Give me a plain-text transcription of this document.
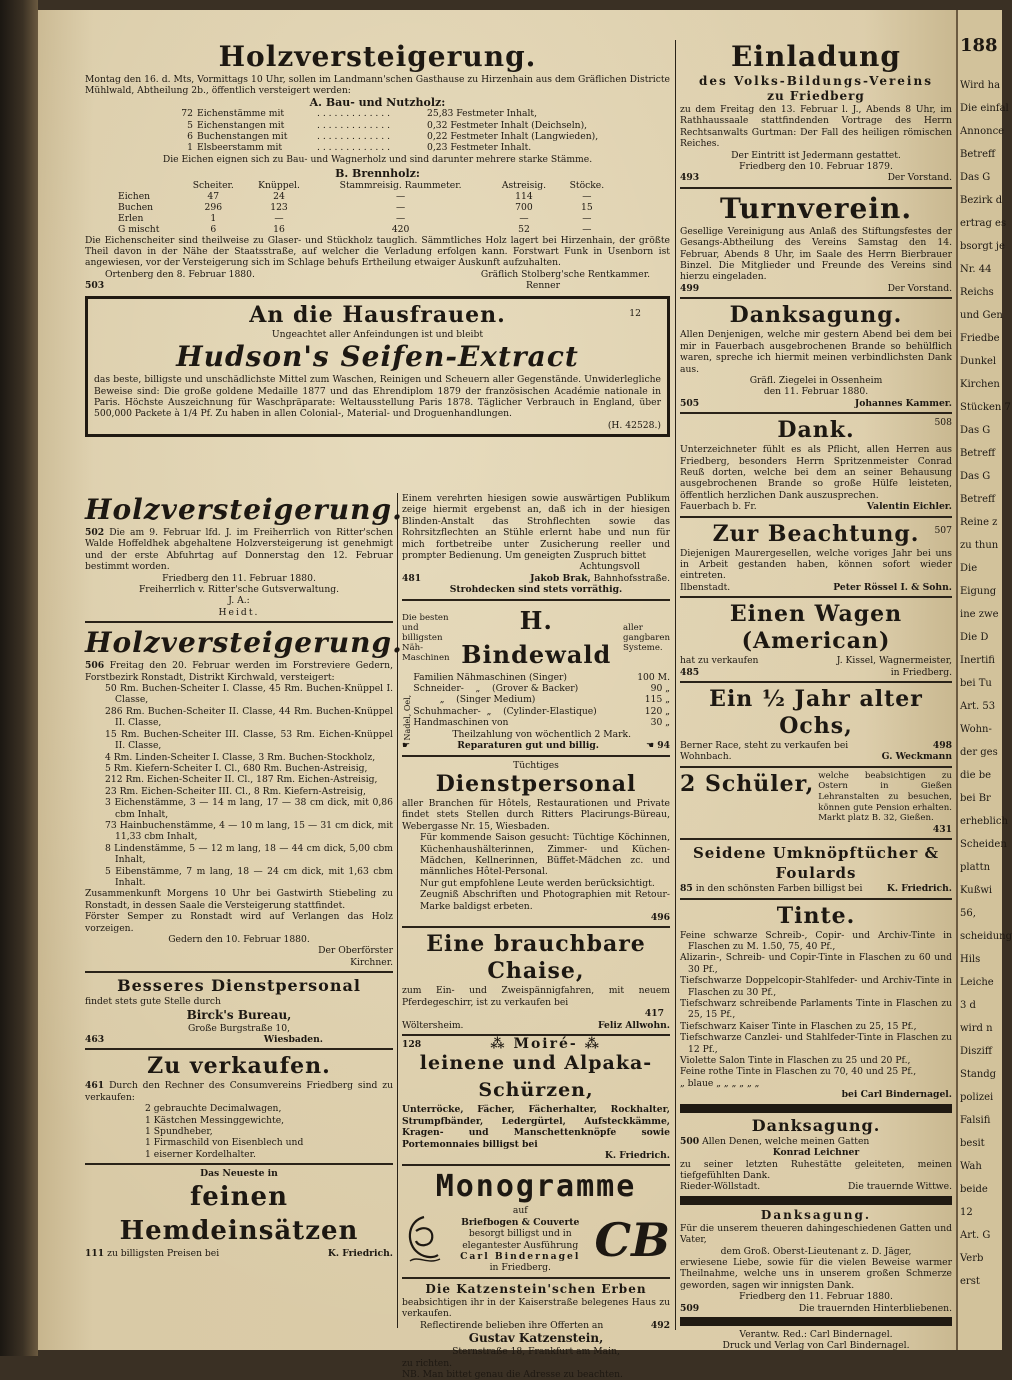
188
Wird ha
Die einfal
Annonce
Betreff
Das G
Bezirk d
ertrag es
bsorgt je
Nr. 44
Reichs
und Gen
Friedbe
Dunkel
Kirchen
Stücken 7
Das G
Betreff
Das G
Betreff
Reine z
zu thun
Die
Eigung
ine zwe
Die D
Inertifi
bei Tu
Art. 53
Wohn-
der ges
die be
bei Br
erheblich
Scheiden
plattn
Kußwi
56,
scheidung
Hils
Leiche
3 d
wird n
Disziff
Standg
polizei
Falsifi
besit
Wah
beide
12
Art. G
Verb
erst
Holzversteigerung.

Montag den 16. d. Mts, Vormittags 10 Uhr, sollen im Landmann'schen Gasthause zu Hirzenhain aus dem Gräflichen Districte Mühlwald, Abtheilung 2b., öffentlich versteigert werden:

A. Bau- und Nutzholz:
72 Eichenstämme mit	. . . . . . . . . . . . .	25,83 Festmeter Inhalt,
5 Eichenstangen mit	. . . . . . . . . . . . .	0,32 Festmeter Inhalt (Deichseln),
6 Buchenstangen mit	. . . . . . . . . . . . .	0,22 Festmeter Inhalt (Langwieden),
1 Elsbeerstamm mit	. . . . . . . . . . . . .	0,23 Festmeter Inhalt.

Die Eichen eignen sich zu Bau- und Wagnerholz und sind darunter mehrere starke Stämme.

B. Brennholz:
	Scheiter.	Knüppel.	Stammreisig. Raummeter.	Astreisig.	Stöcke.
Eichen	47	24	—	114	—
Buchen	296	123	—	700	15
Erlen	1	—	—	—	—
G mischt	6	16	420	52	—

Die Eichenscheiter sind theilweise zu Glaser- und Stückholz tauglich. Sämmtliches Holz lagert bei Hirzenhain, der größte Theil davon in der Nähe der Staatsstraße, auf welcher die Verladung erfolgen kann. Forstwart Funk in Usenborn ist angewiesen, vor der Versteigerung sich im Schlage behufs Ertheilung etwaiger Auskunft aufzuhalten.

Ortenberg den 8. Februar 1880.	Gräflich Stolberg'sche Rentkammer.
503	Renner
An die Hausfrauen.	12
Ungeachtet aller Anfeindungen ist und bleibt
Hudson's Seifen-Extract

das beste, billigste und unschädlichste Mittel zum Waschen, Reinigen und Scheuern aller Gegenstände. Unwiderlegliche Beweise sind: Die große goldene Medaille 1877 und das Ehrendiplom 1879 der französischen Académie nationale in Paris. Höchste Auszeichnung für Waschpräparate: Weltausstellung Paris 1878. Täglicher Verbrauch in England, über 500,000 Packete à 1/4 Pf. Zu haben in allen Colonial-, Material- und Droguenhandlungen.

(H. 42528.)
Einladung
des Volks-Bildungs-Vereins
zu Friedberg

zu dem Freitag den 13. Februar l. J., Abends 8 Uhr, im Rathhaussaale stattfindenden Vortrage des Herrn Rechtsanwalts Gurtman: Der Fall des heiligen römischen Reiches.

Der Eintritt ist Jedermann gestattet.
Friedberg den 10. Februar 1879.
493	Der Vorstand.
Turnverein.

Gesellige Vereinigung aus Anlaß des Stiftungsfestes der Gesangs-Abtheilung des Vereins Samstag den 14. Februar, Abends 8 Uhr, im Saale des Herrn Bierbrauer Binzel. Die Mitglieder und Freunde des Vereins sind hierzu eingeladen.

499	Der Vorstand.
Danksagung.

Allen Denjenigen, welche mir gestern Abend bei dem bei mir in Fauerbach ausgebrochenen Brande so behülflich waren, spreche ich hiermit meinen verbindlichsten Dank aus.

Gräfl. Ziegelei in Ossenheim
den 11. Februar 1880.
505	Johannes Kammer.
Dank.	508

Unterzeichneter fühlt es als Pflicht, allen Herren aus Friedberg, besonders Herrn Spritzenmeister Conrad Reuß dorten, welche bei dem an seiner Behausung ausgebrochenen Brande so große Hülfe leisteten, öffentlich herzlichen Dank auszusprechen.

Fauerbach b. Fr.	Valentin Eichler.
Zur Beachtung.	507

Diejenigen Maurergesellen, welche voriges Jahr bei uns in Arbeit gestanden haben, können sofort wieder eintreten.

Ilbenstadt.	Peter Rössel I. & Sohn.
Einen Wagen (American)
hat zu verkaufen	J. Kissel, Wagnermeister,
485	in Friedberg.
Ein ½ Jahr alter Ochs,
Berner Race, steht zu verkaufen bei	498
Wohnbach.	G. Weckmann
2 Schüler, welche beabsichtigen zu Ostern in Gießen Lehranstalten zu besuchen, können gute Pension erhalten. Markt platz B. 32, Gießen.

431
Seidene Umknöpftücher & Foulards
85 in den schönsten Farben billigst bei	K. Friedrich.
Tinte.

Feine schwarze Schreib-, Copir- und Archiv-Tinte in Flaschen zu M. 1.50, 75, 40 Pf.,

Alizarin-, Schreib- und Copir-Tinte in Flaschen zu 60 und 30 Pf.,

Tiefschwarze Doppelcopir-Stahlfeder- und Archiv-Tinte in Flaschen zu 30 Pf.,

Tiefschwarz schreibende Parlaments Tinte in Flaschen zu 25, 15 Pf.,

Tiefschwarz Kaiser Tinte in Flaschen zu 25, 15 Pf.,

Tiefschwarze Canzlei- und Stahlfeder-Tinte in Flaschen zu 12 Pf.,

Violette Salon Tinte in Flaschen zu 25 und 20 Pf.,

Feine rothe Tinte in Flaschen zu 70, 40 und 25 Pf.,

„ blaue „ „ „ „ „ „

bei Carl Bindernagel.
Danksagung.
500 Allen Denen, welche meinen Gatten
Konrad Leichner

zu seiner letzten Ruhestätte geleiteten, meinen tiefgefühlten Dank.

Rieder-Wöllstadt.	Die trauernde Wittwe.
Danksagung.

Für die unserem theueren dahingeschiedenen Gatten und Vater,

dem Groß. Oberst-Lieutenant z. D. Jäger,

erwiesene Liebe, sowie für die vielen Beweise warmer Theilnahme, welche uns in unserem großen Schmerze geworden, sagen wir innigsten Dank.

Friedberg den 11. Februar 1880.
509	Die trauernden Hinterbliebenen.
Verantw. Red.: Carl Bindernagel.
Druck und Verlag von Carl Bindernagel.
Holzversteigerung.

502 Die am 9. Februar lfd. J. im Freiherrlich von Ritter'schen Walde Hoffeldhek abgehaltene Holzversteigerung ist genehmigt und der erste Abfuhrtag auf Donnerstag den 12. Februar bestimmt worden.

Friedberg den 11. Februar 1880.
Freiherrlich v. Ritter'sche Gutsverwaltung.
J. A.:
Heidt.
Holzversteigerung.

506 Freitag den 20. Februar werden im Forstreviere Gedern, Forstbezirk Ronstadt, Distrikt Kirchwald, versteigert:

50 Rm. Buchen-Scheiter I. Classe, 45 Rm. Buchen-Knüppel I. Classe,

286 Rm. Buchen-Scheiter II. Classe, 44 Rm. Buchen-Knüppel II. Classe,

15 Rm. Buchen-Scheiter III. Classe, 53 Rm. Eichen-Knüppel II. Classe,

4 Rm. Linden-Scheiter I. Classe, 3 Rm. Buchen-Stockholz,

5 Rm. Kiefern-Scheiter I. Cl., 680 Rm. Buchen-Astreisig,

212 Rm. Eichen-Scheiter II. Cl., 187 Rm. Eichen-Astreisig,

23 Rm. Eichen-Scheiter III. Cl., 8 Rm. Kiefern-Astreisig,

3 Eichenstämme, 3 — 14 m lang, 17 — 38 cm dick, mit 0,86 cbm Inhalt,

73 Hainbuchenstämme, 4 — 10 m lang, 15 — 31 cm dick, mit 11,33 cbm Inhalt,

8 Lindenstämme, 5 — 12 m lang, 18 — 44 cm dick, 5,00 cbm Inhalt,

5 Eibenstämme, 7 m lang, 18 — 24 cm dick, mit 1,63 cbm Inhalt.

Zusammenkunft Morgens 10 Uhr bei Gastwirth Stiebeling zu Ronstadt, in dessen Saale die Versteigerung stattfindet.

Förster Semper zu Ronstadt wird auf Verlangen das Holz vorzeigen.

Gedern den 10. Februar 1880.
Der Oberförster
Kirchner.
Besseres Dienstpersonal
findet stets gute Stelle durch
Birck's Bureau,
Große Burgstraße 10,
463	Wiesbaden.
Zu verkaufen.

461 Durch den Rechner des Consumvereins Friedberg sind zu verkaufen:

2 gebrauchte Decimalwagen,
1 Kästchen Messinggewichte,
1 Spundheber,
1 Firmaschild von Eisenblech und
1 eiserner Kordelhalter.
Das Neueste in
feinen Hemdeinsätzen
111 zu billigsten Preisen bei	K. Friedrich.

Einem verehrten hiesigen sowie auswärtigen Publikum zeige hiermit ergebenst an, daß ich in der hiesigen Blinden-Anstalt das Strohflechten sowie das Rohrsitzflechten an Stühle erlernt habe und nun für mich fortbetreibe unter Zusicherung reeller und prompter Bedienung. Um geneigten Zuspruch bittet

Achtungsvoll
481	Jakob Brak, Bahnhofsstraße.
Strohdecken sind stets vorräthig.
Die besten und billigsten Näh-Maschinen
H. Bindewald
aller gangbaren Systeme.
Nadel, Oel,
Familien Nähmaschinen (Singer)	100 M.
Schneider-    „    (Grover & Backer)	90 „
„    (Singer Medium)	115 „
Schuhmacher-  „    (Cylinder-Elastique)	120 „
Handmaschinen von	30 „
Theilzahlung von wöchentlich 2 Mark.
☛	Reparaturen gut und billig.	☚ 94
Tüchtiges
Dienstpersonal

aller Branchen für Hôtels, Restaurationen und Private findet stets Stellen durch Ritters Placirungs-Büreau, Webergasse Nr. 15, Wiesbaden.

Für kommende Saison gesucht: Tüchtige Köchinnen, Küchenhaushälterinnen, Zimmer- und Küchen-Mädchen, Kellnerinnen, Büffet-Mädchen zc. und männliches Hôtel-Personal.

Nur gut empfohlene Leute werden berücksichtigt.

Zeugniß Abschriften und Photographien mit Retour-Marke baldigst erbeten.

496
Eine brauchbare Chaise,

zum Ein- und Zweispännigfahren, mit neuem Pferdegeschirr, ist zu verkaufen bei

417
Wöltersheim.	Feliz Allwohn.
128	⁂ Moiré- ⁂
leinene und Alpaka-Schürzen,

Unterröcke, Fächer, Fächerhalter, Rockhalter, Strumpfbänder, Ledergürtel, Aufsteckkämme, Kragen- und Manschettenknöpfe sowie Portemonnaies billigst bei

K. Friedrich.
Monogramme
auf
Briefbogen & Couverte
besorgt billigst und in elegantester Ausführung
Carl Bindernagel
in Friedberg.
CB
Die Katzenstein'schen Erben

beabsichtigen ihr in der Kaiserstraße belegenes Haus zu verkaufen.

Reflectirende belieben ihre Offerten an	492
Gustav Katzenstein,
Sternstraße 18, Frankfurt am Main,
zu richten.
NB. Man bittet genau die Adresse zu beachten.
